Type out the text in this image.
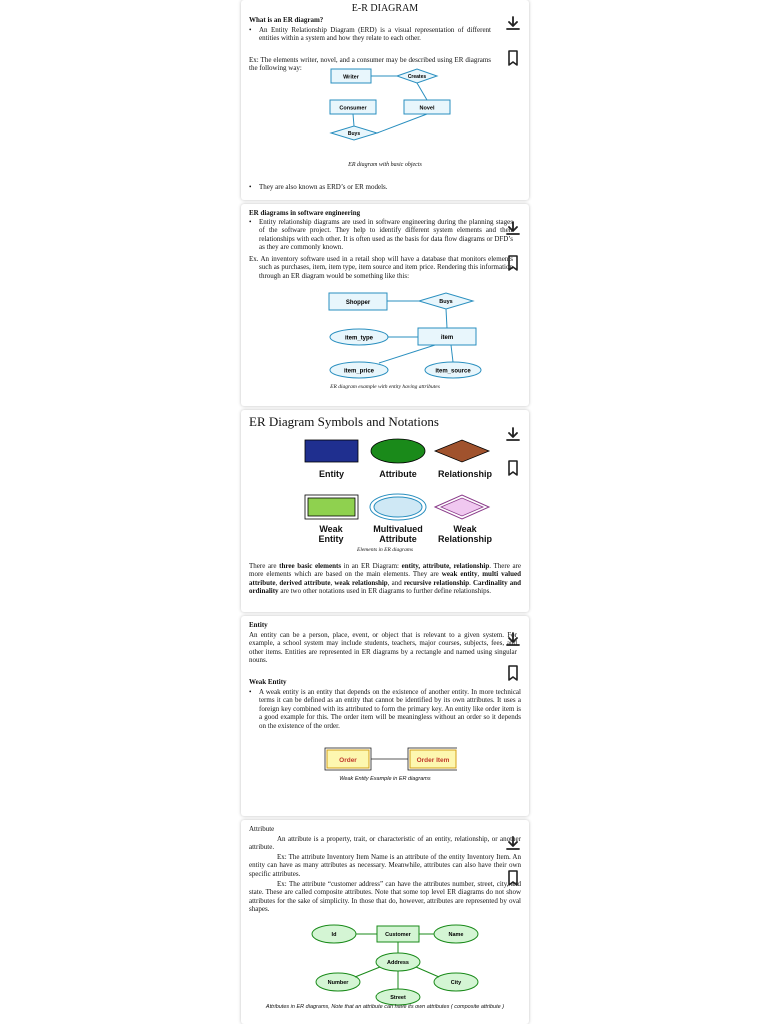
E-R DIAGRAM

What is an ER diagram?

• An Entity Relationship Diagram (ERD) is a visual representation of different entities within a system and how they relate to each other.

Ex: The elements writer, novel, and a consumer may be described using ER diagrams the following way:

Writer	Creates
Consumer	Novel
Buys
ER diagram with basic objects

• They are also known as ERD’s or ER models.

ER diagrams in software engineering

• Entity relationship diagrams are used in software engineering during the planning stages of the software project. They help to identify different system elements and their relationships with each other. It is often used as the basis for data flow diagrams or DFD’s as they are commonly known.

Ex. An inventory software used in a retail shop will have a database that monitors elements such as purchases, item, item type, item source and item price. Rendering this information through an ER diagram would be something like this:

Shopper	Buys
item_type	item
item_price	item_source
ER diagram example with entity having attributes
ER Diagram Symbols and Notations
Entity	Attribute	Relationship
Weak Entity
Multivalued Attribute
Weak Relationship
Elements in ER diagrams

There are three basic elements in an ER Diagram: entity, attribute, relationship. There are more elements which are based on the main elements. They are weak entity, multi valued attribute, derived attribute, weak relationship, and recursive relationship. Cardinality and ordinality are two other notations used in ER diagrams to further define relationships.

Entity

An entity can be a person, place, event, or object that is relevant to a given system. For example, a school system may include students, teachers, major courses, subjects, fees, and other items. Entities are represented in ER diagrams by a rectangle and named using singular nouns.

Weak Entity

• A weak entity is an entity that depends on the existence of another entity. In more technical terms it can be defined as an entity that cannot be identified by its own attributes. It uses a foreign key combined with its attributed to form the primary key. An entity like order item is a good example for this. The order item will be meaningless without an order so it depends on the existence of the order.

Order	Order Item
Weak Entity Example in ER diagrams

Attribute

An attribute is a property, trait, or characteristic of an entity, relationship, or another attribute.

Ex: The attribute Inventory Item Name is an attribute of the entity Inventory Item. An entity can have as many attributes as necessary. Meanwhile, attributes can also have their own specific attributes.

Ex: The attribute “customer address” can have the attributes number, street, city, and state. These are called composite attributes. Note that some top level ER diagrams do not show attributes for the sake of simplicity. In those that do, however, attributes are represented by oval shapes.

Id	Customer	Name
Address
Number	City
Street
Attributes in ER diagrams, Note that an attribute can have its own attributes ( composite attribute )
